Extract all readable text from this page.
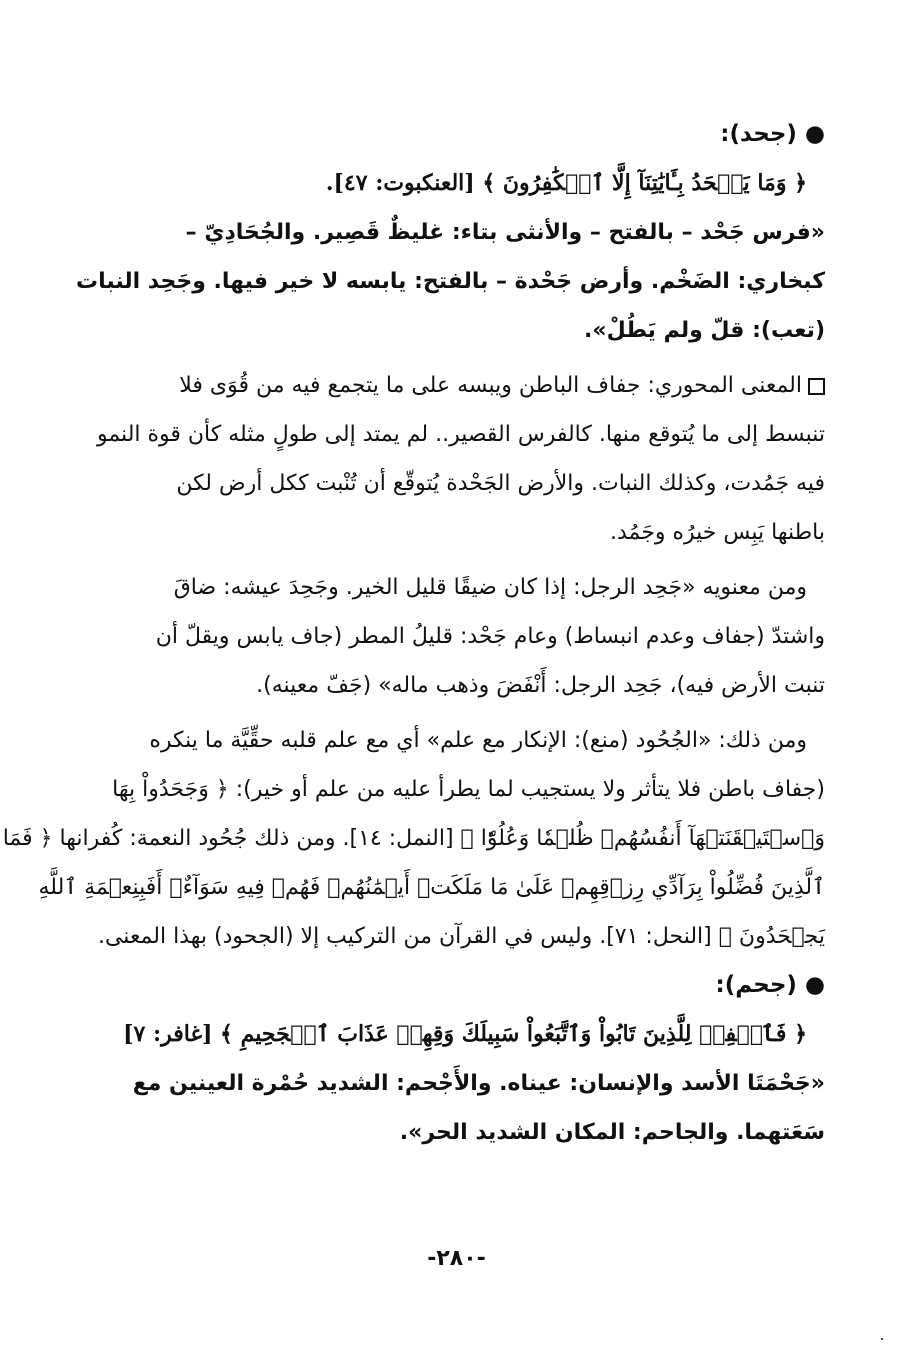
● (جحد):
﴿ وَمَا يَجۡحَدُ بِـَٔايَٰتِنَآ إِلَّا ٱلۡكَٰفِرُونَ ﴾ [العنكبوت: ٤٧].
«فرس جَحْد – بالفتح – والأنثى بتاء: غليظٌ قَصِير. والجُحَادِيّ –
كبخاري: الضَخْم. وأرض جَحْدة – بالفتح: يابسه لا خير فيها. وجَحِد النبات
(تعب): قلّ ولم يَطُلْ».
المعنى المحوري: جفاف الباطن ويبسه على ما يتجمع فيه من قُوَى فلا
تنبسط إلى ما يُتوقع منها. كالفرس القصير.. لم يمتد إلى طولٍ مثله كأن قوة النمو
فيه جَمُدت، وكذلك النبات. والأرض الجَحْدة يُتوقّع أن تُنْبت ككل أرض لكن
باطنها يَبِس خيرُه وجَمُد.
ومن معنويه «جَحِد الرجل: إذا كان ضيقًا قليل الخير. وجَحِدَ عيشه: ضاقَ
واشتدّ (جفاف وعدم انبساط) وعام جَحْد: قليلُ المطر (جاف يابس ويقلّ أن
تنبت الأرض فيه)، جَحِد الرجل: أَنْفَضَ وذهب ماله» (جَفّ معينه).
ومن ذلك: «الجُحُود (منع): الإنكار مع علم» أي مع علم قلبه حقِّيَّة ما ينكره
(جفاف باطن فلا يتأثر ولا يستجيب لما يطرأ عليه من علم أو خير): ﴿ وَجَحَدُواْ بِهَا
وَٱسۡتَيۡقَنَتۡهَآ أَنفُسُهُمۡ ظُلۡمٗا وَعُلُوّٗا ﴾ [النمل: ١٤]. ومن ذلك جُحُود النعمة: كُفرانها ﴿ فَمَا
ٱلَّذِينَ فُضِّلُواْ بِرَآدِّي رِزۡقِهِمۡ عَلَىٰ مَا مَلَكَتۡ أَيۡمَٰنُهُمۡ فَهُمۡ فِيهِ سَوَآءٌۚ أَفَبِنِعۡمَةِ ٱللَّهِ
يَجۡحَدُونَ ﴾ [النحل: ٧١]. وليس في القرآن من التركيب إلا (الجحود) بهذا المعنى.
● (جحم):
﴿ فَٱغۡفِرۡ لِلَّذِينَ تَابُواْ وَٱتَّبَعُواْ سَبِيلَكَ وَقِهِمۡ عَذَابَ ٱلۡجَحِيمِ ﴾ [غافر: ٧]
«جَحْمَتَا الأسد والإنسان: عيناه. والأَجْحم: الشديد حُمْرة العينين مع
سَعَتهما. والجاحم: المكان الشديد الحر».
-٢٨٠-
